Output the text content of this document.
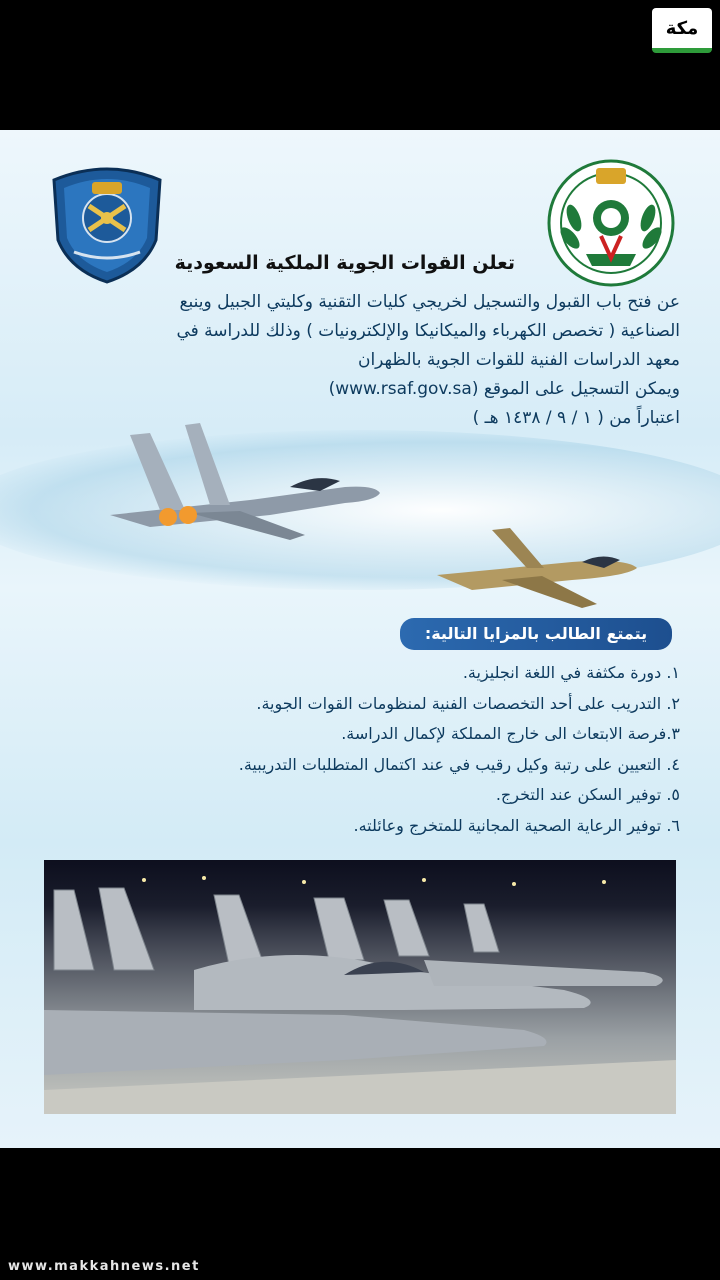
مكة
تعلن القوات الجوية الملكية السعودية

عن فتح باب القبول والتسجيل لخريجي كليات التقنية وكليتي الجبيل وينبع

الصناعية ( تخصص الكهرباء والميكانيكا والإلكترونيات ) وذلك للدراسة في

معهد الدراسات الفنية للقوات الجوية بالظهران

ويمكن التسجيل على الموقع (www.rsaf.gov.sa)

اعتباراً من ( ١ / ٩ / ١٤٣٨ هـ )

يتمتع الطالب بالمزايا التالية:
١. دورة مكثفة في اللغة انجليزية.
٢. التدريب على أحد التخصصات الفنية لمنظومات القوات الجوية.
٣.فرصة الابتعاث الى خارج المملكة لإكمال الدراسة.
٤. التعيين على رتبة وكيل رقيب في عند اكتمال المتطلبات التدريبية.
٥. توفير السكن عند التخرج.
٦. توفير الرعاية الصحية المجانية للمتخرج وعائلته.
www.makkahnews.net
